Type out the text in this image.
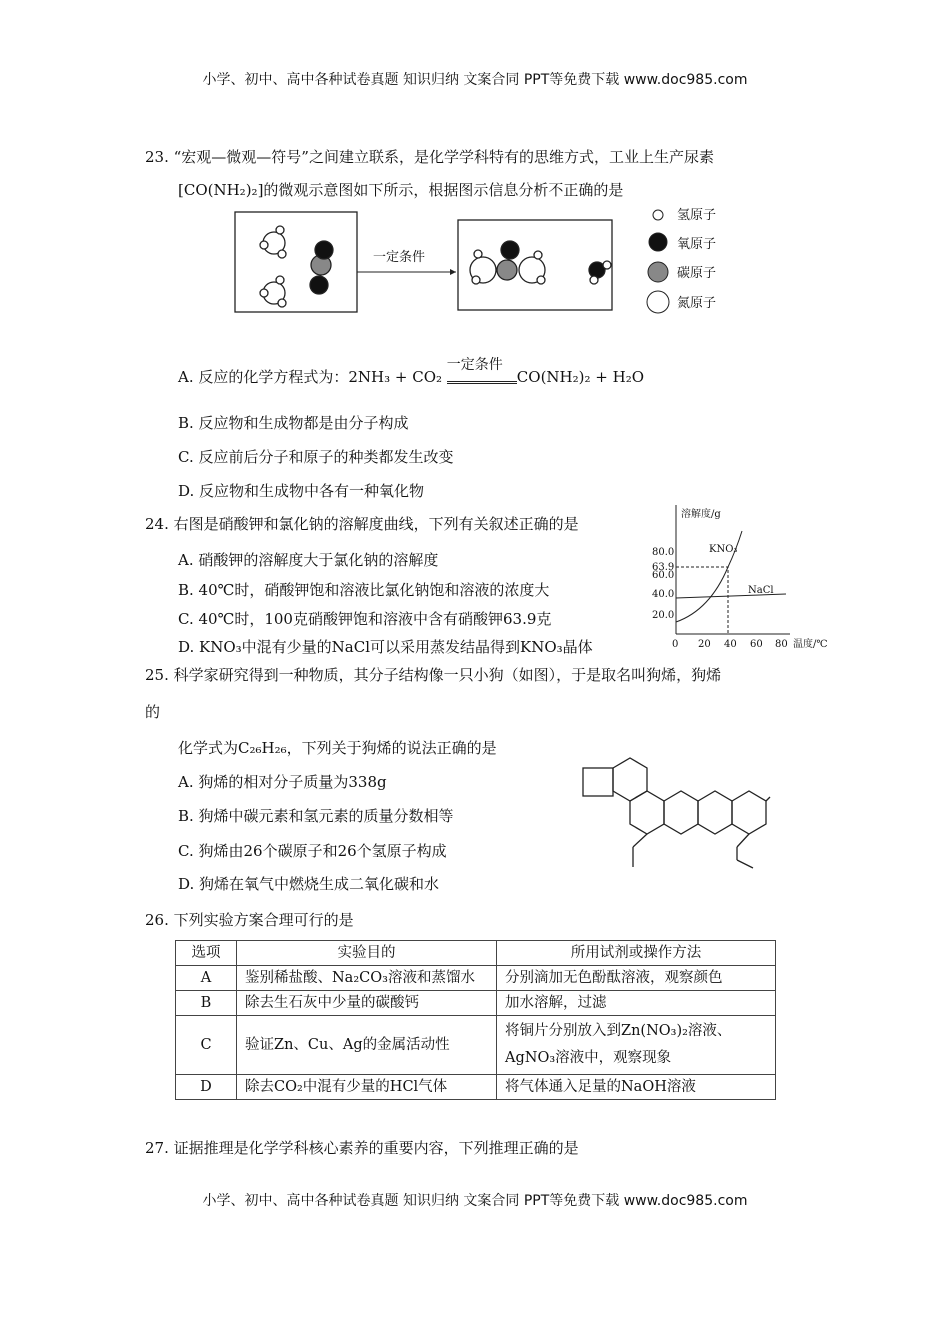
小学、初中、高中各种试卷真题 知识归纳 文案合同 PPT等免费下载 www.doc985.com
23. “宏观—微观—符号”之间建立联系，是化学学科特有的思维方式，工业上生产尿素
[CO(NH₂)₂]的微观示意图如下所示，根据图示信息分析不正确的是
一定条件
氢原子
氧原子
碳原子
氮原子
A. 反应的化学方程式为：2NH₃ + CO₂
一定条件
CO(NH₂)₂ + H₂O
B. 反应物和生成物都是由分子构成
C. 反应前后分子和原子的种类都发生改变
D. 反应物和生成物中各有一种氧化物
24. 右图是硝酸钾和氯化钠的溶解度曲线，下列有关叙述正确的是
A. 硝酸钾的溶解度大于氯化钠的溶解度
B. 40℃时，硝酸钾饱和溶液比氯化钠饱和溶液的浓度大
C. 40℃时，100克硝酸钾饱和溶液中含有硝酸钾63.9克
D. KNO₃中混有少量的NaCl可以采用蒸发结晶得到KNO₃晶体
溶解度/g
温度/℃
80.0
63.9
60.0
40.0
20.0
0 20 40 60 80
KNO₃
NaCl
25. 科学家研究得到一种物质，其分子结构像一只小狗（如图），于是取名叫狗烯，狗烯
的
化学式为C₂₆H₂₆，下列关于狗烯的说法正确的是
A. 狗烯的相对分子质量为338g
B. 狗烯中碳元素和氢元素的质量分数相等
C. 狗烯由26个碳原子和26个氢原子构成
D. 狗烯在氧气中燃烧生成二氧化碳和水
26. 下列实验方案合理可行的是
选项	实验目的	所用试剂或操作方法
A	鉴别稀盐酸、Na₂CO₃溶液和蒸馏水	分别滴加无色酚酞溶液，观察颜色
B	除去生石灰中少量的碳酸钙	加水溶解，过滤
C	验证Zn、Cu、Ag的金属活动性	将铜片分别放入到Zn(NO₃)₂溶液、AgNO₃溶液中，观察现象
D	除去CO₂中混有少量的HCl气体	将气体通入足量的NaOH溶液
27. 证据推理是化学学科核心素养的重要内容，下列推理正确的是
小学、初中、高中各种试卷真题 知识归纳 文案合同 PPT等免费下载 www.doc985.com
